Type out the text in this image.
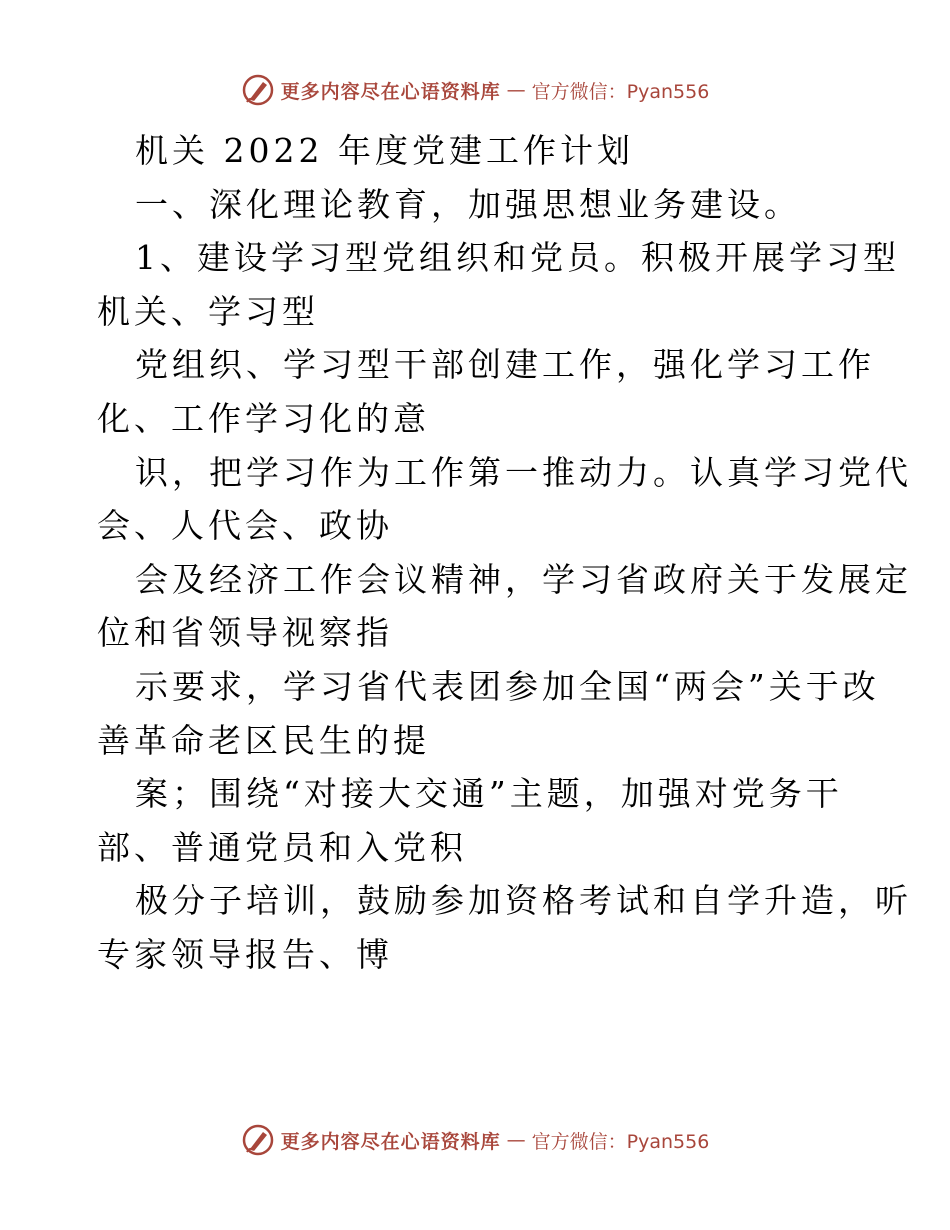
更多内容尽在心语资料库 — 官方微信：Pyan556
机关 2022 年度党建工作计划
一、深化理论教育，加强思想业务建设。
1、建设学习型党组织和党员。积极开展学习型
机关、学习型
党组织、学习型干部创建工作，强化学习工作
化、工作学习化的意
识，把学习作为工作第一推动力。认真学习党代
会、人代会、政协
会及经济工作会议精神，学习省政府关于发展定
位和省领导视察指
示要求，学习省代表团参加全国“两会”关于改
善革命老区民生的提
案；围绕“对接大交通”主题，加强对党务干
部、普通党员和入党积
极分子培训，鼓励参加资格考试和自学升造，听
专家领导报告、博
更多内容尽在心语资料库 — 官方微信：Pyan556
